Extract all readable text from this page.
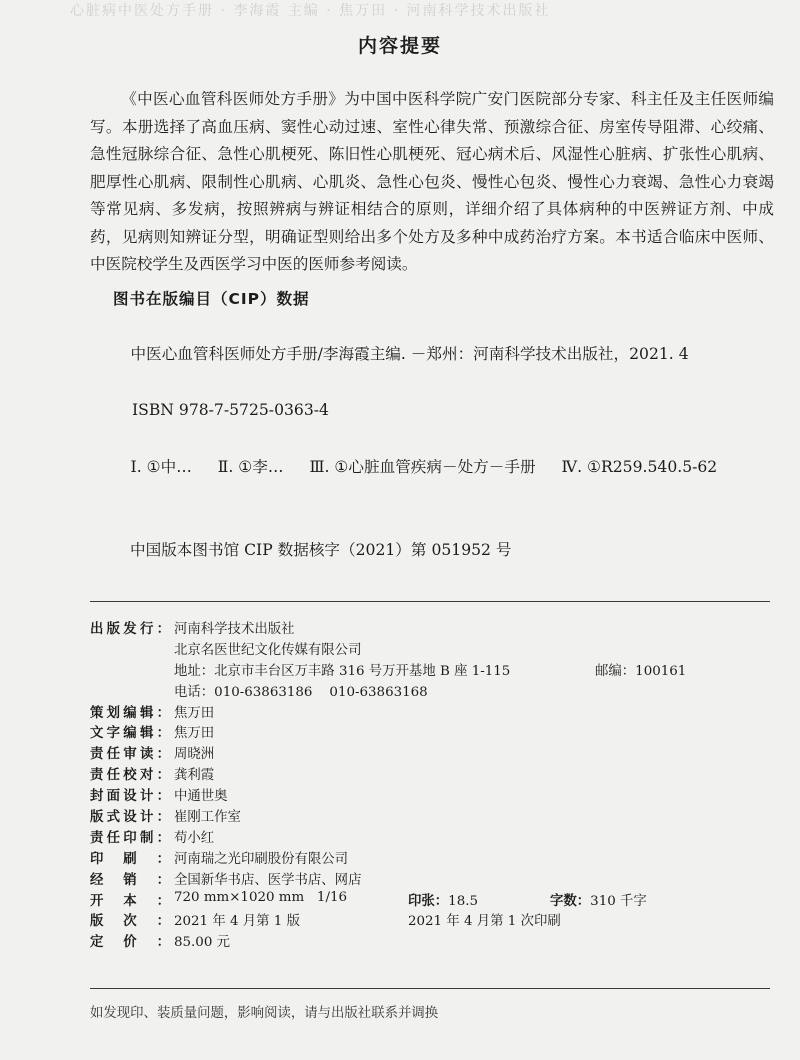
心脏病中医处方手册 · 李海霞 主编 · 焦万田 · 河南科学技术出版社
内容提要

《中医心血管科医师处方手册》为中国中医科学院广安门医院部分专家、科主任及主任医师编写。本册选择了高血压病、窦性心动过速、室性心律失常、预激综合征、房室传导阻滞、心绞痛、急性冠脉综合征、急性心肌梗死、陈旧性心肌梗死、冠心病术后、风湿性心脏病、扩张性心肌病、肥厚性心肌病、限制性心肌病、心肌炎、急性心包炎、慢性心包炎、慢性心力衰竭、急性心力衰竭等常见病、多发病，按照辨病与辨证相结合的原则，详细介绍了具体病种的中医辨证方剂、中成药，见病则知辨证分型，明确证型则给出多个处方及多种中成药治疗方案。本书适合临床中医师、中医院校学生及西医学习中医的医师参考阅读。

图书在版编目（CIP）数据

中医心血管科医师处方手册/李海霞主编. －郑州：河南科学技术出版社，2021. 4

ISBN 978-7-5725-0363-4

Ⅰ. ①中… Ⅱ. ①李… Ⅲ. ①心脏血管疾病－处方－手册 Ⅳ. ①R259.540.5-62

中国版本图书馆 CIP 数据核字（2021）第 051952 号
出版发行： 河南科学技术出版社
北京名医世纪文化传媒有限公司
地址：北京市丰台区万丰路 316 号万开基地 B 座 1-115	邮编：100161
电话：010-63863186    010-63863168
策划编辑： 焦万田
文字编辑： 焦万田
责任审读： 周晓洲
责任校对： 龚利霞
封面设计： 中通世奥
版式设计： 崔刚工作室
责任印制： 苟小红
印刷： 河南瑞之光印刷股份有限公司
经销： 全国新华书店、医学书店、网店
开本： 720 mm×1020 mm   1/16	印张：18.5	字数：310 千字
版次： 2021 年 4 月第 1 版	2021 年 4 月第 1 次印刷
定价： 85.00 元
如发现印、装质量问题，影响阅读，请与出版社联系并调换
